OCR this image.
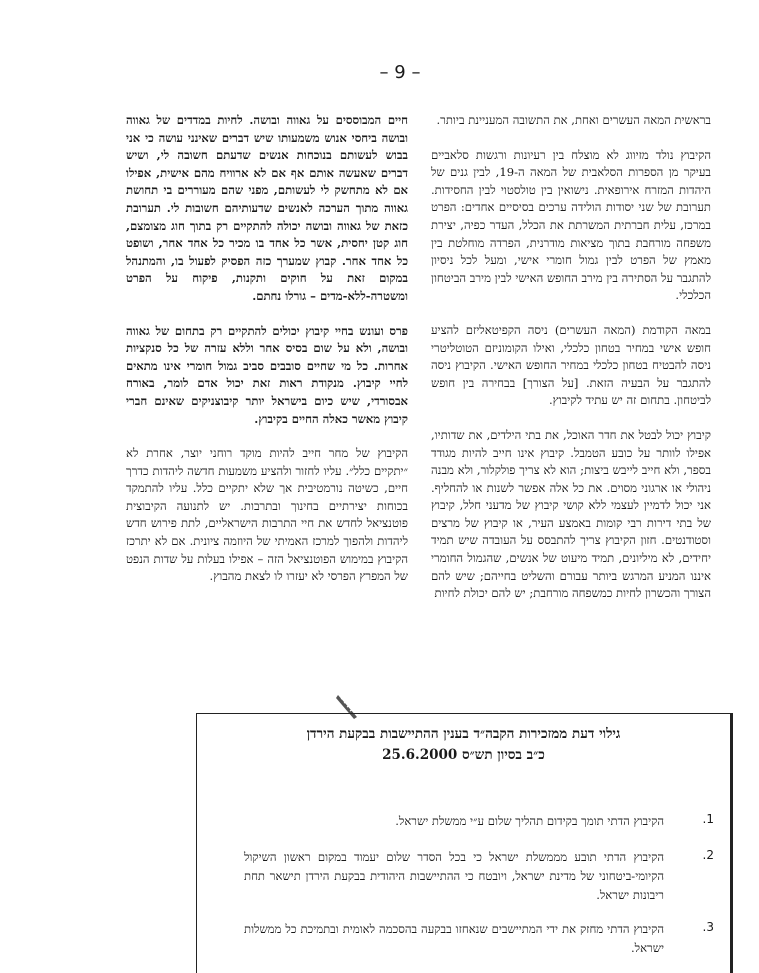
– 9 –

בראשית המאה העשרים ואחת, את התשובה המעניינת ביותר.

הקיבוץ נולד מזיווג לא מוצלח בין רעיונות ורגשות סלאביים בעיקר מן הספרות הסלאבית של המאה ה-19, לבין גנים של היהדות המזרח אירופאית. נישואין בין טולסטוי לבין החסידות. תערובת של שני יסודות הולידה ערכים בסיסיים אחדים: הפרט במרכז, עלית חברתית המשרתת את הכלל, העדר כפיה, יצירת משפחה מורחבת בתוך מציאות מודרנית, הפרדה מוחלטת בין מאמץ של הפרט לבין גמול חומרי אישי, ומעל לכל ניסיון להתגבר על הסתירה בין מירב החופש האישי לבין מירב הביטחון הכלכלי.

במאה הקודמת (המאה העשרים) ניסה הקפיטאליזם להציע חופש אישי במחיר בטחון כלכלי, ואילו הקומוניזם הטוטליטרי ניסה להבטיח בטחון כלכלי במחיר החופש האישי. הקיבוץ ניסה להתגבר על הבעיה הזאת. [על הצורך] בבחירה בין חופש לביטחון. בתחום זה יש עתיד לקיבוץ.

קיבוץ יכול לבטל את חדר האוכל, את בתי הילדים, את שדותיו, אפילו לוותר על כובע הטמבל. קיבוץ אינו חייב להיות מגודד בספר, ולא חייב לייבש ביצות; הוא לא צריך פולקלור, ולא מבנה ניהולי או ארגוני מסוים. את כל אלה אפשר לשנות או להחליף. אני יכול לדמיין לעצמי ללא קושי קיבוץ של מדעני חלל, קיבוץ של בתי דירות רבי קומות באמצע העיר, או קיבוץ של מרצים וסטודנטים. חזון הקיבוץ צריך להתבסס על העובדה שיש תמיד יחידים, לא מיליונים, תמיד מיעוט של אנשים, שהגמול החומרי איננו המניע המרגש ביותר עבורם והשליט בחייהם; שיש להם הצורך והכשרון לחיות כמשפחה מורחבת; יש להם יכולת לחיות

חיים המבוססים על גאווה ובושה. לחיות במדדים של גאווה ובושה ביחסי אנוש משמעותו שיש דברים שאינני עושה כי אני בבוש לעשותם בנוכחות אנשים שדעתם חשובה לי, ושיש דברים שאעשה אותם אף אם לא ארוויח מהם אישית, אפילו אם לא מתחשק לי לעשותם, מפני שהם מעוררים בי תחושת גאווה מתוך הערכה לאנשים שדעותיהם חשובות לי. תערובת כזאת של גאווה ובושה יכולה להתקיים רק בתוך חוג מצומצם, חוג קטן יחסית, אשר כל אחד בו מכיר כל אחד אחר, ושופט כל אחד אחר. קבוץ שמערך כזה הפסיק לפעול בו, והמתנהל במקום זאת על חוקים ותקנות, פיקוח על הפרט ומשטרה-ללא-מדים – גורלו נחתם.

פרס ועונש בחיי קיבוץ יכולים להתקיים רק בתחום של גאווה ובושה, ולא על שום בסיס אחר וללא עזרה של כל סנקציות אחרות. כל מי שחיים סובבים סביב גמול חומרי אינו מתאים לחיי קיבוץ. מנקודת ראות זאת יכול אדם לומר, באורח אבסורדי, שיש כיום בישראל יותר קיבוצניקים שאינם חברי קיבוץ מאשר כאלה החיים בקיבוץ.

הקיבוץ של מחר חייב להיות מוקד רוחני יוצר, אחרת לא ״יתקיים כלל״. עליו לחזור ולהציע משמעות חדשה ליהדות כדרך חיים, כשיטה נורמטיבית אך שלא יתקיים כלל. עליו להתמקד בכוחות יצירתיים בחינוך ובתרבות. יש לתנועה הקיבוצית פוטנציאל לחדש את חיי התרבות הישראליים, לתת פירוש חדש ליהדות ולהפוך למרכז האמיתי של היוזמה ציונית. אם לא יתרכז הקיבוץ במימוש הפוטנציאל הזה – אפילו בעלות על שדות הנפט של המפרץ הפרסי לא יעזרו לו לצאת מהבוץ.

גילוי דעת ממזכירות הקבה״ד בענין ההתיישבות בבקעת הירדן
כ״ב בסיון תש״ס 25.6.2000
.1
הקיבוץ הדתי תומך בקידום תהליך שלום ע״י ממשלת ישראל.
.2
הקיבוץ הדתי תובע מממשלת ישראל כי בכל הסדר שלום יעמוד במקום ראשון השיקול הקיומי-ביטחוני של מדינת ישראל, ויובטח כי ההתיישבות היהודית בבקעת הירדן תישאר תחת ריבונות ישראל.
.3
הקיבוץ הדתי מחזק את ידי המתיישבים שנאחזו בבקעה בהסכמה לאומית ובתמיכת כל ממשלות ישראל.
